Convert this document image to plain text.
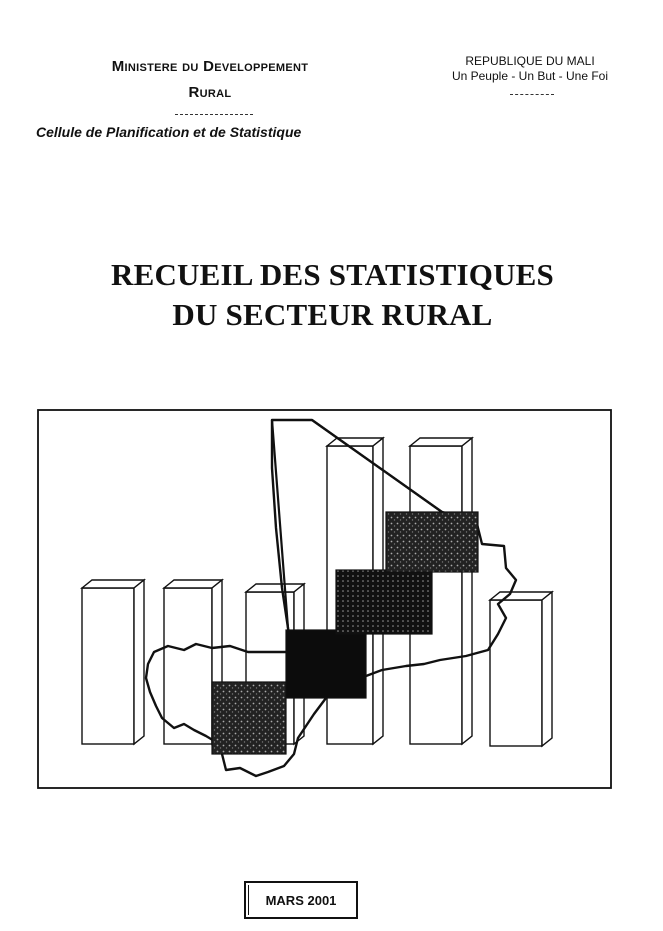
Ministere du Developpement
Rural
REPUBLIQUE DU MALI
Un Peuple - Un But - Une Foi
Cellule de Planification et de Statistique
RECUEIL DES STATISTIQUES
DU SECTEUR RURAL
MARS 2001
